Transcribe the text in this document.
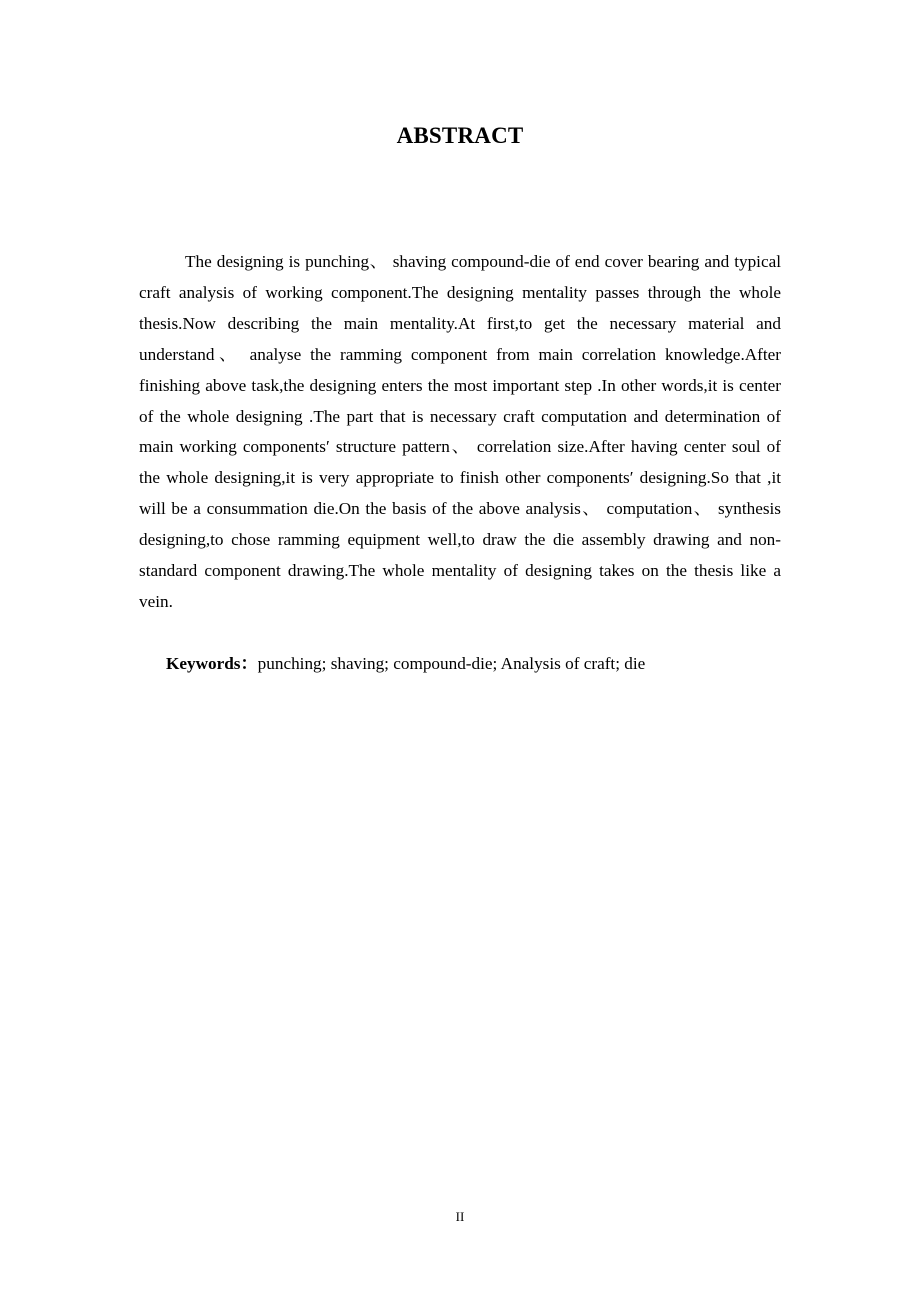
ABSTRACT

The designing is punching、 shaving compound-die of end cover bearing and typical craft analysis of working component.The designing mentality passes through the whole thesis.Now describing the main mentality.At first,to get the necessary material and understand、 analyse the ramming component from main correlation knowledge.After finishing above task,the designing enters the most important step .In other words,it is center of the whole designing .The part that is necessary craft computation and determination of main working components′ structure pattern、 correlation size.After having center soul of the whole designing,it is very appropriate to finish other components′ designing.So that ,it will be a consummation die.On the basis of the above analysis、 computation、 synthesis designing,to chose ramming equipment well,to draw the die assembly drawing and non-standard component drawing.The whole mentality of designing takes on the thesis like a vein.

Keywords：punching; shaving; compound-die; Analysis of craft; die

II
